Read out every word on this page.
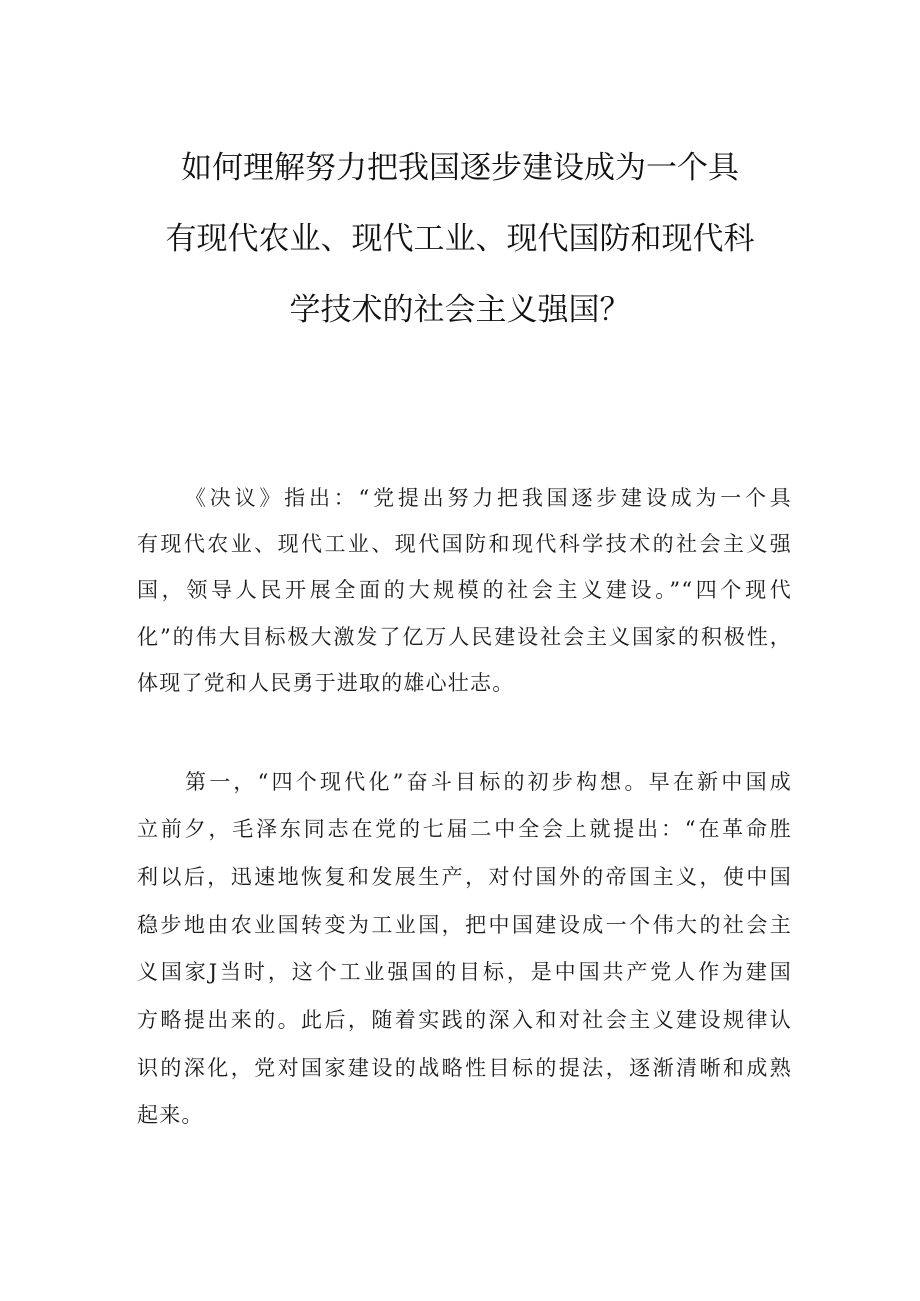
如何理解努力把我国逐步建设成为一个具
有现代农业、现代工业、现代国防和现代科
学技术的社会主义强国？
《决议》指出：“党提出努力把我国逐步建设成为一个具
有现代农业、现代工业、现代国防和现代科学技术的社会主义强
国，领导人民开展全面的大规模的社会主义建设。”“四个现代
化”的伟大目标极大激发了亿万人民建设社会主义国家的积极性，
体现了党和人民勇于进取的雄心壮志。
第一，“四个现代化”奋斗目标的初步构想。早在新中国成
立前夕，毛泽东同志在党的七届二中全会上就提出：“在革命胜
利以后，迅速地恢复和发展生产，对付国外的帝国主义，使中国
稳步地由农业国转变为工业国，把中国建设成一个伟大的社会主
义国家J当时，这个工业强国的目标，是中国共产党人作为建国
方略提出来的。此后，随着实践的深入和对社会主义建设规律认
识的深化，党对国家建设的战略性目标的提法，逐渐清晰和成熟
起来。
